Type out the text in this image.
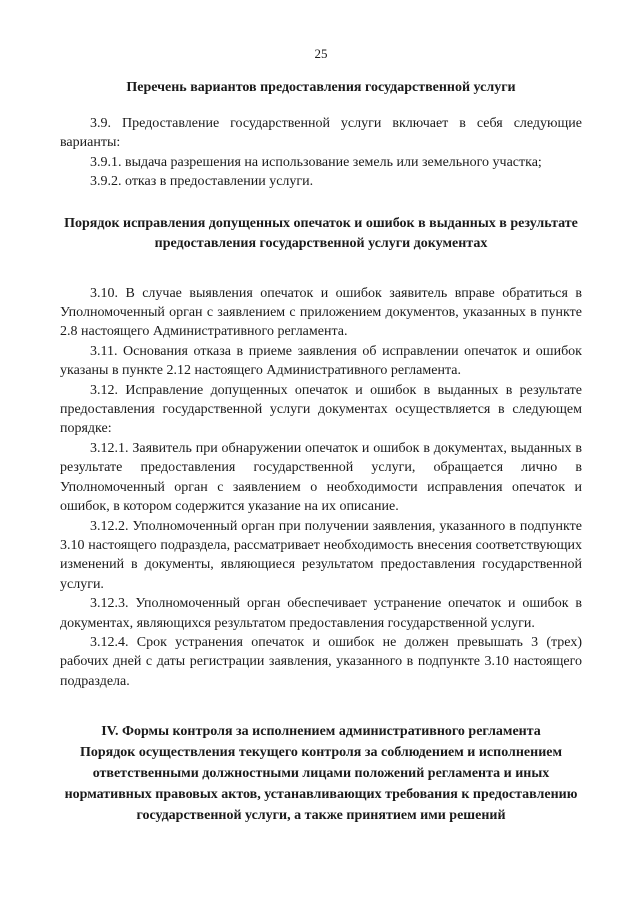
25
Перечень вариантов предоставления государственной услуги

3.9. Предоставление государственной услуги включает в себя следующие варианты:

3.9.1. выдача разрешения на использование земель или земельного участка;

3.9.2. отказ в предоставлении услуги.

Порядок исправления допущенных опечаток и ошибок в выданных в результате предоставления государственной услуги документах

3.10. В случае выявления опечаток и ошибок заявитель вправе обратиться в Уполномоченный орган с заявлением с приложением документов, указанных в пункте 2.8 настоящего Административного регламента.

3.11. Основания отказа в приеме заявления об исправлении опечаток и ошибок указаны в пункте 2.12 настоящего Административного регламента.

3.12. Исправление допущенных опечаток и ошибок в выданных в результате предоставления государственной услуги документах осуществляется в следующем порядке:

3.12.1. Заявитель при обнаружении опечаток и ошибок в документах, выданных в результате предоставления государственной услуги, обращается лично в Уполномоченный орган с заявлением о необходимости исправления опечаток и ошибок, в котором содержится указание на их описание.

3.12.2. Уполномоченный орган при получении заявления, указанного в подпункте 3.10 настоящего подраздела, рассматривает необходимость внесения соответствующих изменений в документы, являющиеся результатом предоставления государственной услуги.

3.12.3. Уполномоченный орган обеспечивает устранение опечаток и ошибок в документах, являющихся результатом предоставления государственной услуги.

3.12.4. Срок устранения опечаток и ошибок не должен превышать 3 (трех) рабочих дней с даты регистрации заявления, указанного в подпункте 3.10 настоящего подраздела.

IV. Формы контроля за исполнением административного регламента
Порядок осуществления текущего контроля за соблюдением и исполнением ответственными должностными лицами положений регламента и иных нормативных правовых актов, устанавливающих требования к предоставлению государственной услуги, а также принятием ими решений
